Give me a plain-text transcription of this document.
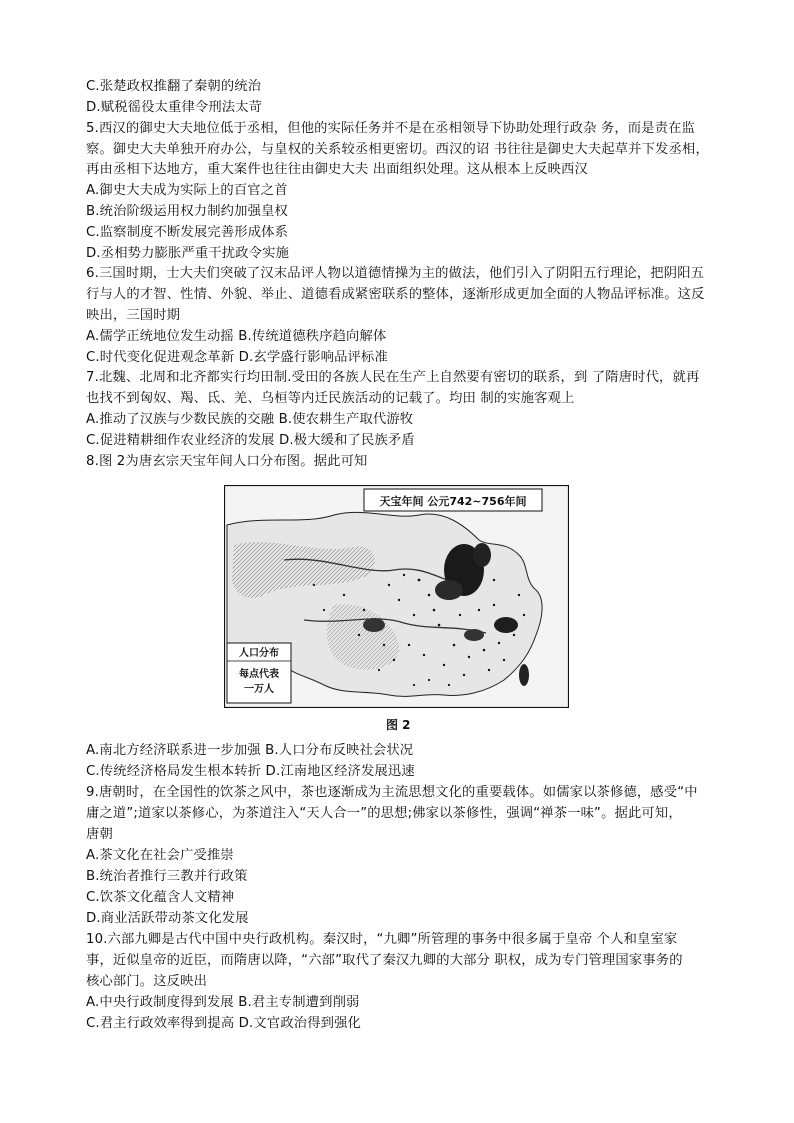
C.张楚政权推翻了秦朝的统治
D.赋税徭役太重律令刑法太苛
5.西汉的御史大夫地位低于丞相，但他的实际任务并不是在丞相领导下协助处理行政杂 务，而是责在监
察。御史大夫单独开府办公，与皇权的关系较丞相更密切。西汉的诏 书往往是御史大夫起草并下发丞相，
再由丞相下达地方，重大案件也往往由御史大夫 出面组织处理。这从根本上反映西汉
A.御史大夫成为实际上的百官之首
B.统治阶级运用权力制约加强皇权
C.监察制度不断发展完善形成体系
D.丞相势力膨胀严重干扰政令实施
6.三国时期，士大夫们突破了汉末品评人物以道德情操为主的做法，他们引入了阴阳五行理论，把阴阳五
行与人的才智、性情、外貌、举止、道德看成紧密联系的整体，逐渐形成更加全面的人物品评标准。这反
映出，三国时期
A.儒学正统地位发生动摇 B.传统道德秩序趋向解体
C.时代变化促进观念革新 D.玄学盛行影响品评标准
7.北魏、北周和北齐都实行均田制.受田的各族人民在生产上自然要有密切的联系，到 了隋唐时代，就再
也找不到匈奴、羯、氐、羌、乌桓等内迁民族活动的记载了。均田 制的实施客观上
A.推动了汉族与少数民族的交融 B.使农耕生产取代游牧
C.促进精耕细作农业经济的发展 D.极大缓和了民族矛盾
8.图 2为唐玄宗天宝年间人口分布图。据此可知
天宝年间 公元742~756年间
人口分布
每点代表
一万人
图 2
A.南北方经济联系进一步加强 B.人口分布反映社会状况
C.传统经济格局发生根本转折 D.江南地区经济发展迅速
9.唐朝时，在全国性的饮茶之风中，茶也逐渐成为主流思想文化的重要载体。如儒家以茶修德，感受“中
庸之道”;道家以茶修心，为茶道注入“天人合一”的思想;佛家以茶修性，强调“禅茶一味”。据此可知，
唐朝
A.茶文化在社会广受推崇
B.统治者推行三教并行政策
C.饮茶文化蕴含人文精神
D.商业活跃带动茶文化发展
10.六部九卿是古代中国中央行政机构。秦汉时，“九卿”所管理的事务中很多属于皇帝 个人和皇室家
事，近似皇帝的近臣，而隋唐以降，“六部”取代了秦汉九卿的大部分 职权，成为专门管理国家事务的
核心部门。这反映出
A.中央行政制度得到发展 B.君主专制遭到削弱
C.君主行政效率得到提高 D.文官政治得到强化
